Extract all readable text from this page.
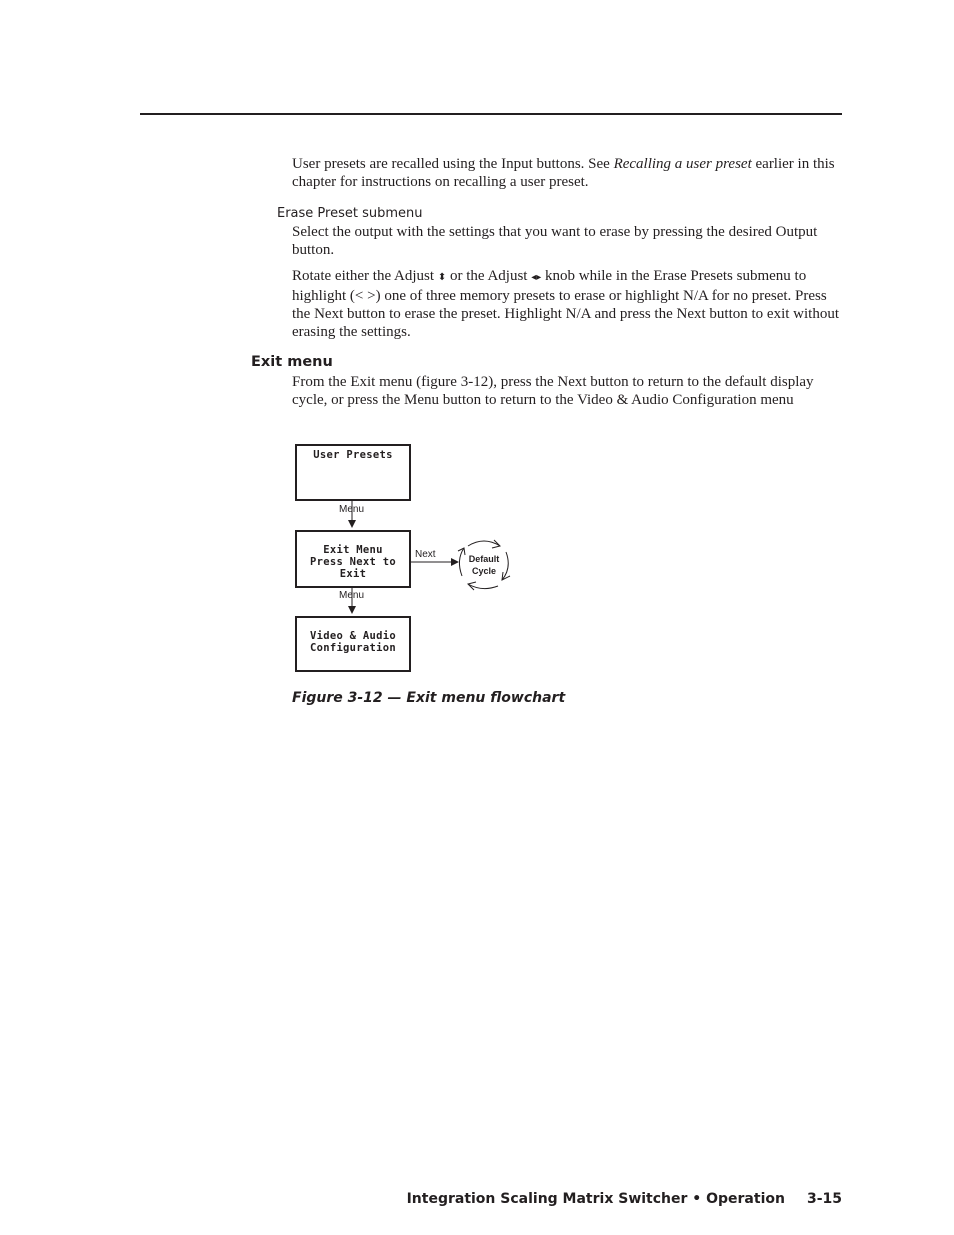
User presets are recalled using the Input buttons. See Recalling a user preset earlier in this chapter for instructions on recalling a user preset.

Erase Preset submenu

Select the output with the settings that you want to erase by pressing the desired Output button.

Rotate either the Adjust ⬍ or the Adjust ◂▸ knob while in the Erase Presets submenu to highlight (< >) one of three memory presets to erase or highlight N/A for no preset. Press the Next button to erase the preset. Highlight N/A and press the Next button to exit without erasing the settings.

Exit menu

From the Exit menu (figure 3-12), press the Next button to return to the default display cycle, or press the Menu button to return to the Video & Audio Configuration menu

User Presets
Menu
Exit Menu
Press Next to Exit
Next
Menu
Default
Cycle
Video & Audio
Configuration

Figure 3-12 — Exit menu flowchart

Integration Scaling Matrix Switcher • Operation 3-15
